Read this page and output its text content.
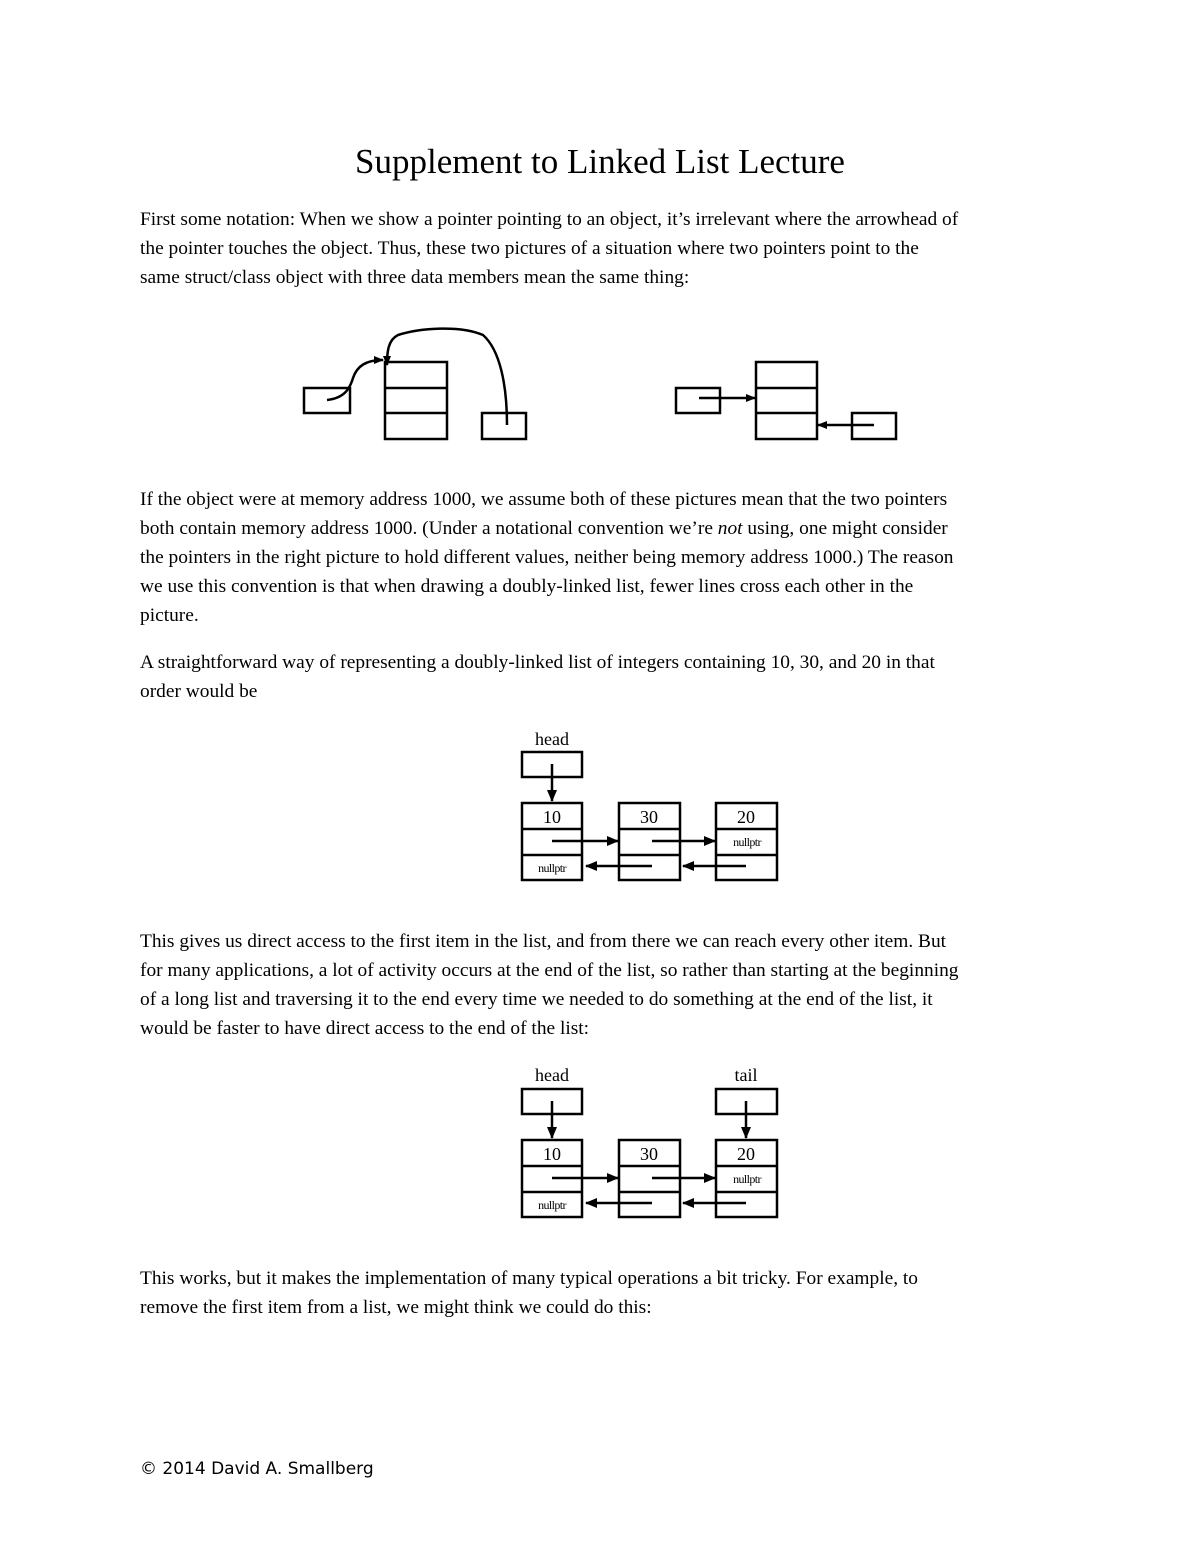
Supplement to Linked List Lecture
First some notation: When we show a pointer pointing to an object, it’s irrelevant where the arrowhead of
the pointer touches the object. Thus, these two pictures of a situation where two pointers point to the
same struct/class object with three data members mean the same thing:
If the object were at memory address 1000, we assume both of these pictures mean that the two pointers
both contain memory address 1000. (Under a notational convention we’re not using, one might consider
the pointers in the right picture to hold different values, neither being memory address 1000.) The reason
we use this convention is that when drawing a doubly-linked list, fewer lines cross each other in the
picture.
A straightforward way of representing a doubly-linked list of integers containing 10, 30, and 20 in that
order would be
head
10	30	20
nullptr
nullptr
This gives us direct access to the first item in the list, and from there we can reach every other item. But
for many applications, a lot of activity occurs at the end of the list, so rather than starting at the beginning
of a long list and traversing it to the end every time we needed to do something at the end of the list, it
would be faster to have direct access to the end of the list:
head	tail
10	30	20
nullptr
nullptr
This works, but it makes the implementation of many typical operations a bit tricky. For example, to
remove the first item from a list, we might think we could do this:
© 2014 David A. Smallberg
